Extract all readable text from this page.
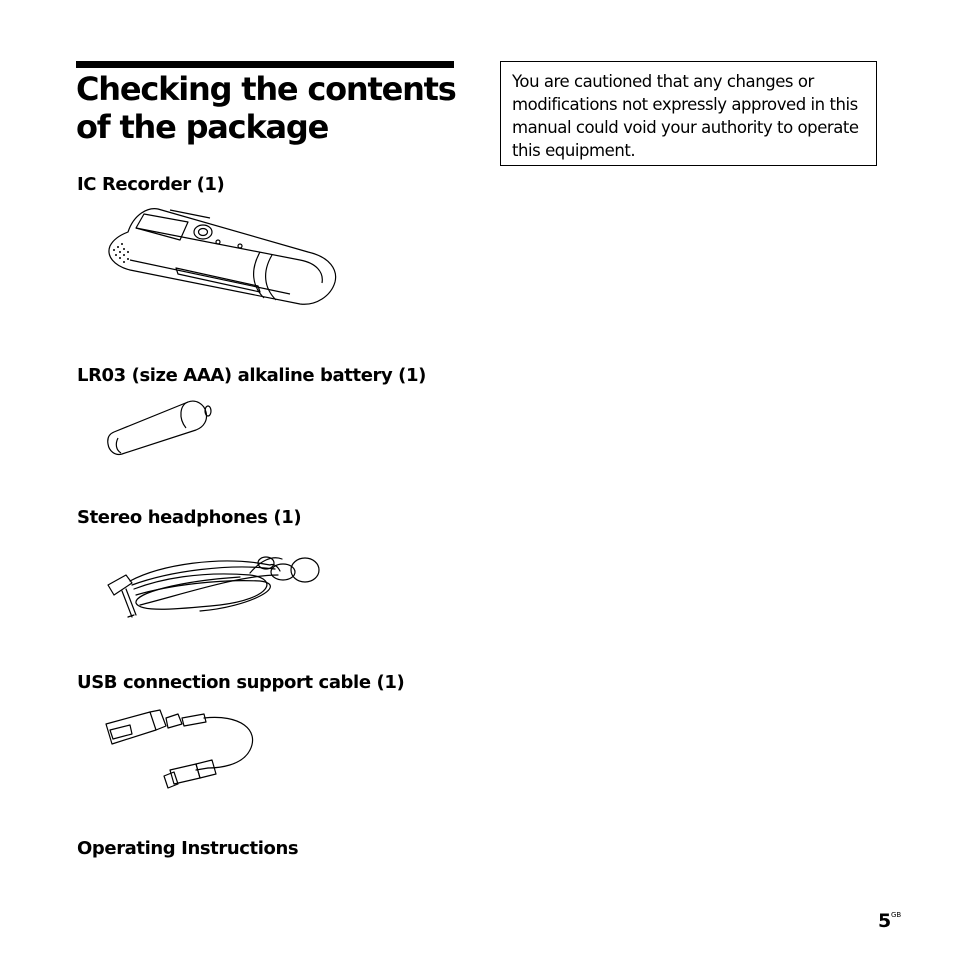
Checking the contents of the package
You are cautioned that any changes or modifications not expressly approved in this manual could void your authority to operate this equipment.
IC Recorder (1)
LR03 (size AAA) alkaline battery (1)
Stereo headphones (1)
USB connection support cable (1)
Operating Instructions
5 GB
